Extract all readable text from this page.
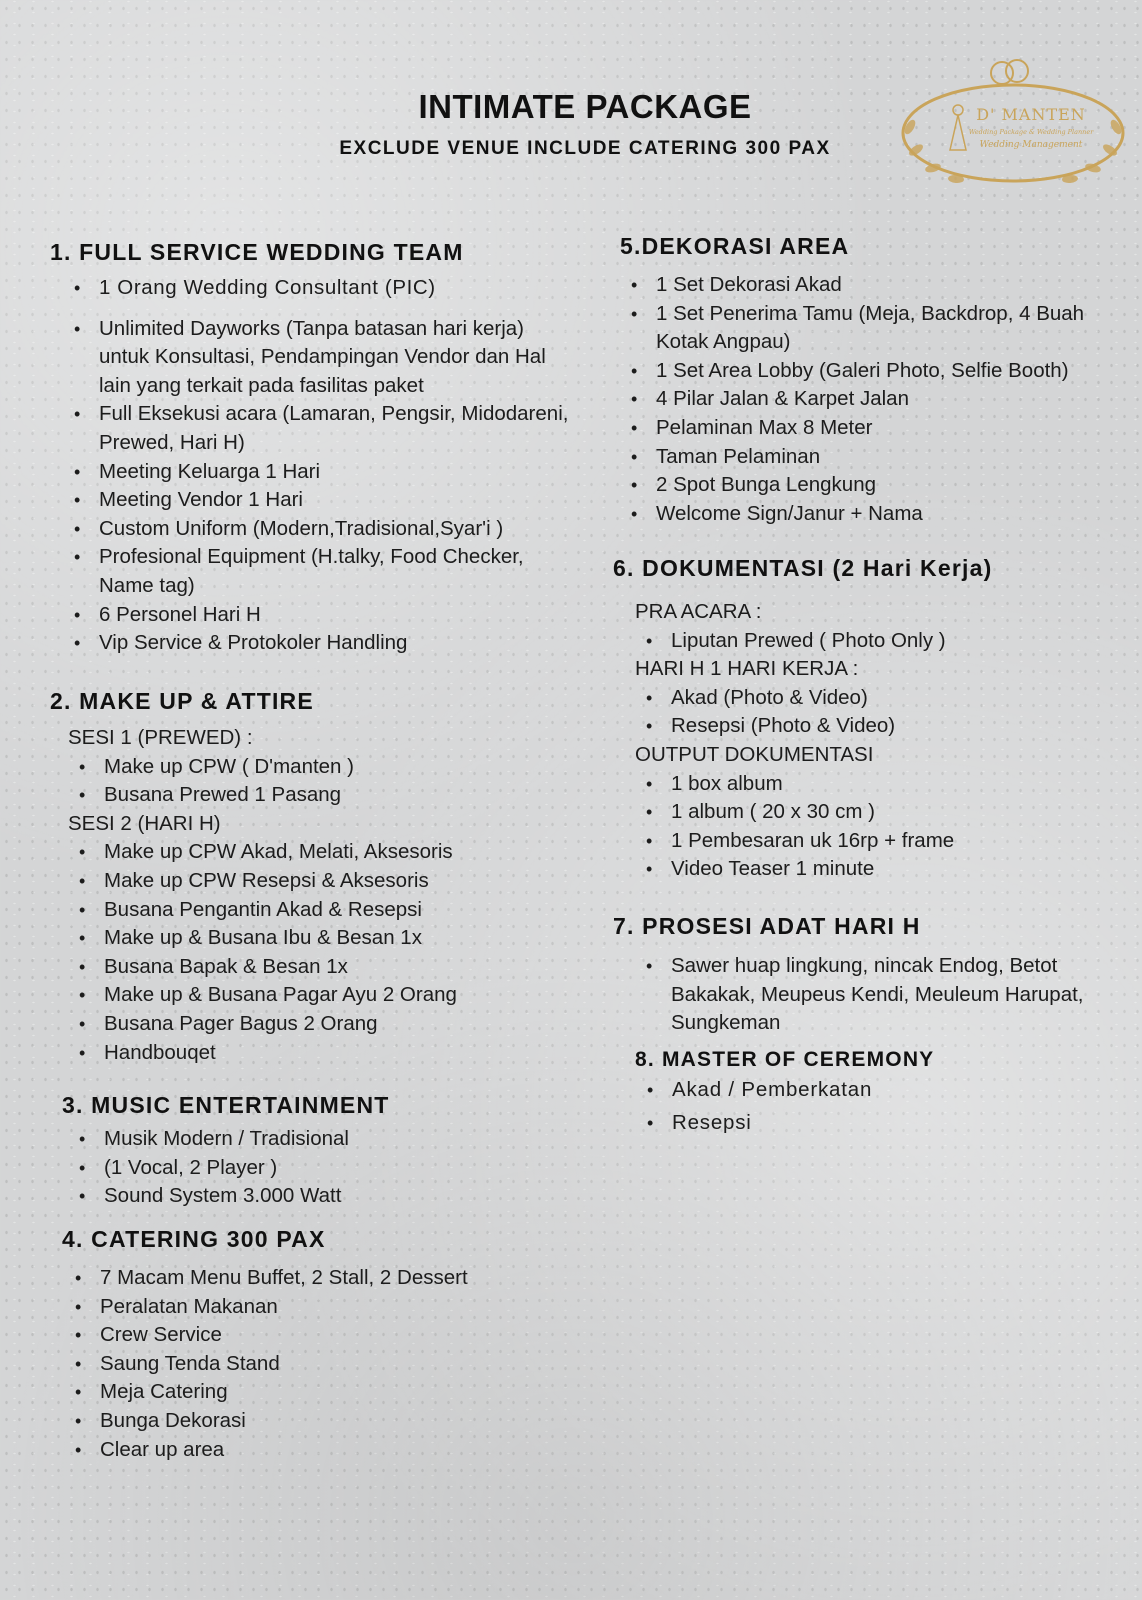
INTIMATE PACKAGE
EXCLUDE VENUE INCLUDE CATERING 300 PAX
D' MANTEN
Wedding Package & Wedding Planner
Wedding Management
1. FULL SERVICE WEDDING TEAM
• 1 Orang Wedding Consultant (PIC)
• Unlimited Dayworks (Tanpa batasan hari kerja) untuk Konsultasi, Pendampingan Vendor dan Hal lain yang terkait pada fasilitas paket
• Full Eksekusi acara (Lamaran, Pengsir, Midodareni, Prewed, Hari H)
• Meeting Keluarga 1 Hari
• Meeting Vendor 1 Hari
• Custom Uniform (Modern,Tradisional,Syar'i )
• Profesional Equipment (H.talky, Food Checker, Name tag)
• 6 Personel Hari H
• Vip Service & Protokoler Handling
2. MAKE UP & ATTIRE
SESI 1 (PREWED) :
• Make up CPW ( D'manten )
• Busana Prewed 1 Pasang
SESI 2 (HARI H)
• Make up CPW Akad, Melati, Aksesoris
• Make up CPW Resepsi & Aksesoris
• Busana Pengantin Akad & Resepsi
• Make up & Busana Ibu & Besan 1x
• Busana Bapak & Besan 1x
• Make up & Busana Pagar Ayu 2 Orang
• Busana Pager Bagus 2 Orang
• Handbouqet
3. MUSIC ENTERTAINMENT
• Musik Modern / Tradisional
• (1 Vocal, 2 Player )
• Sound System 3.000 Watt
4. CATERING 300 PAX
• 7 Macam Menu Buffet, 2 Stall, 2 Dessert
• Peralatan Makanan
• Crew Service
• Saung Tenda Stand
• Meja Catering
• Bunga Dekorasi
• Clear up area
5.DEKORASI AREA
• 1 Set Dekorasi Akad
• 1 Set Penerima Tamu (Meja, Backdrop, 4 Buah Kotak Angpau)
• 1 Set Area Lobby (Galeri Photo, Selfie Booth)
• 4 Pilar Jalan & Karpet Jalan
• Pelaminan Max 8 Meter
• Taman Pelaminan
• 2 Spot Bunga Lengkung
• Welcome Sign/Janur + Nama
6. DOKUMENTASI (2 Hari Kerja)
PRA ACARA :
• Liputan Prewed ( Photo Only )
HARI H 1 HARI KERJA :
• Akad (Photo & Video)
• Resepsi (Photo & Video)
OUTPUT DOKUMENTASI
• 1 box album
• 1 album ( 20 x 30 cm )
• 1 Pembesaran uk 16rp + frame
• Video Teaser 1 minute
7. PROSESI ADAT HARI H
• Sawer huap lingkung, nincak Endog, Betot Bakakak, Meupeus Kendi, Meuleum Harupat, Sungkeman
8. MASTER OF CEREMONY
• Akad / Pemberkatan
• Resepsi
